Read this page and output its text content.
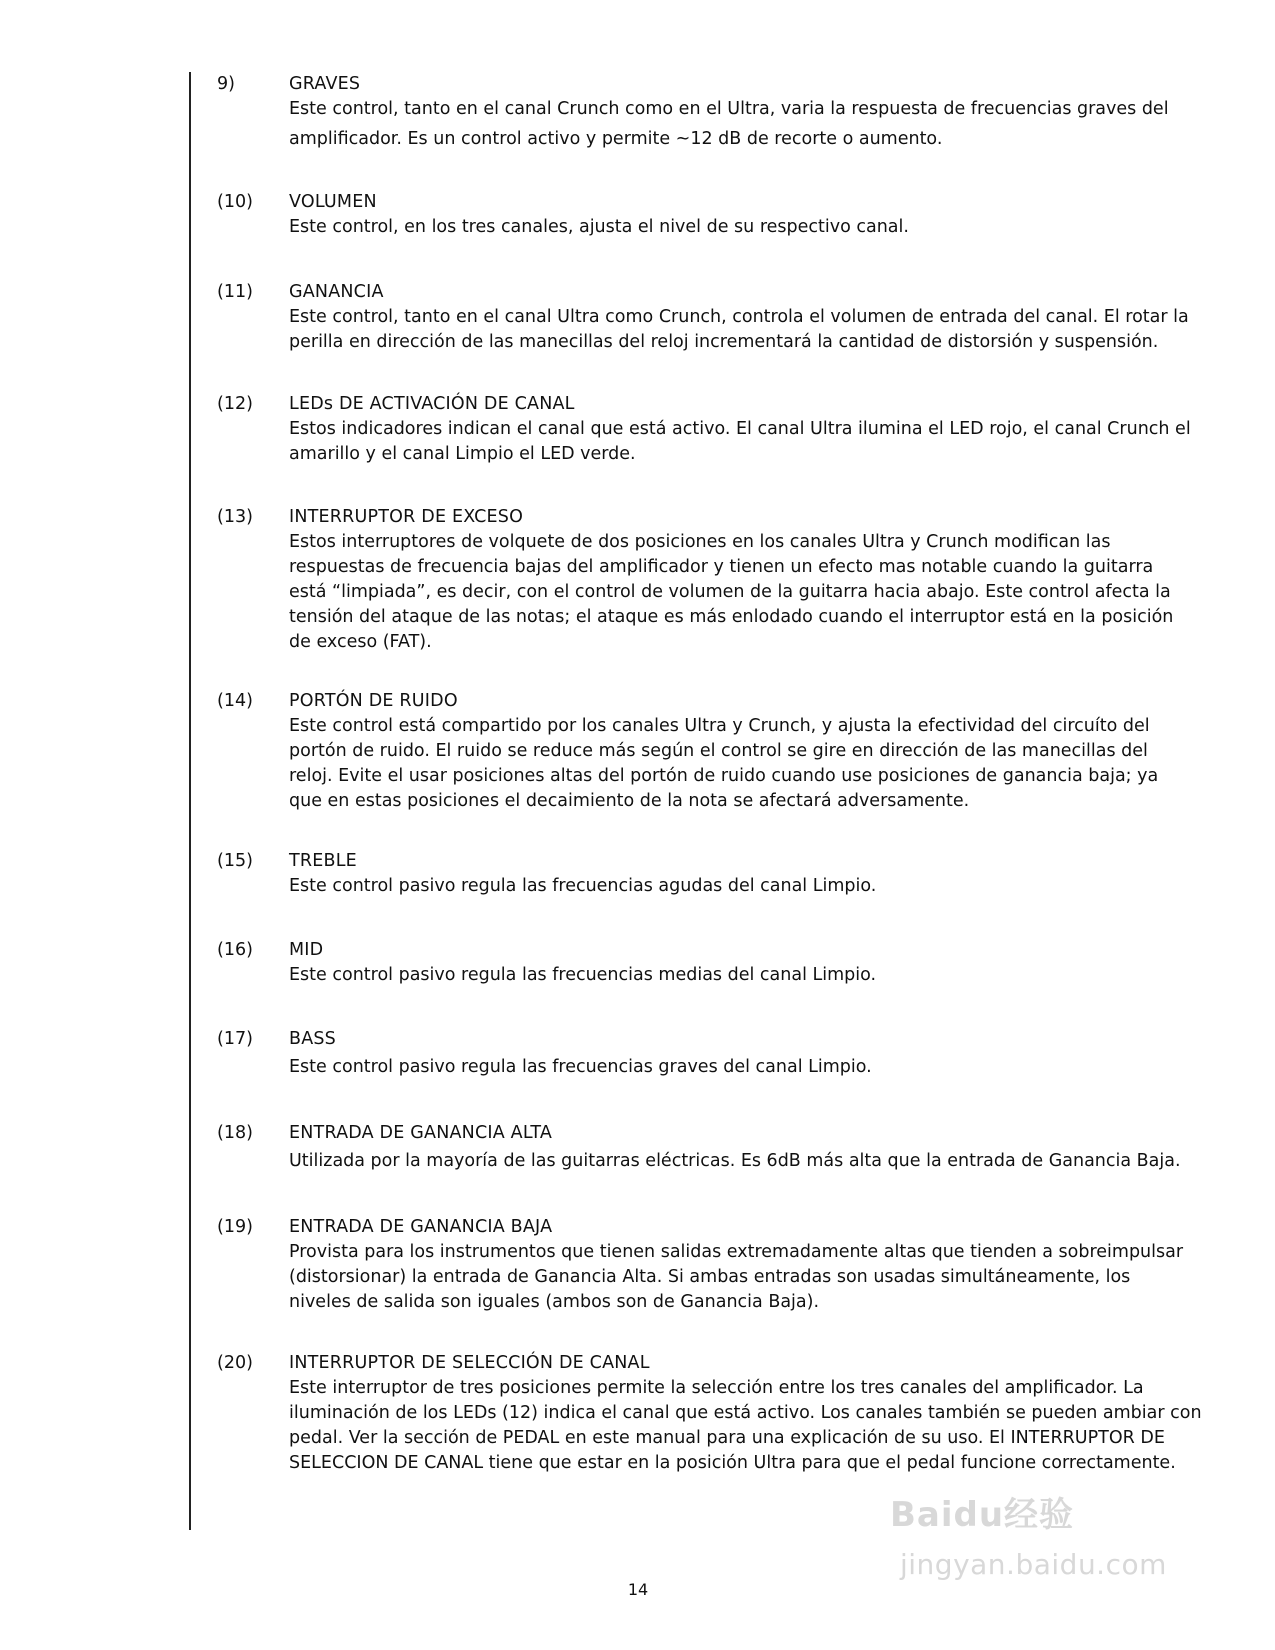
9)	GRAVES
Este control, tanto en el canal Crunch como en el Ultra, varia la respuesta de frecuencias graves del
amplificador. Es un control activo y permite ~12 dB de recorte o aumento.
(10)	VOLUMEN
Este control, en los tres canales, ajusta el nivel de su respectivo canal.
(11)	GANANCIA
Este control, tanto en el canal Ultra como Crunch, controla el volumen de entrada del canal. El rotar la
perilla en dirección de las manecillas del reloj incrementará la cantidad de distorsión y suspensión.
(12)	LEDs DE ACTIVACIÓN DE CANAL
Estos indicadores indican el canal que está activo. El canal Ultra ilumina el LED rojo, el canal Crunch el
amarillo y el canal Limpio el LED verde.
(13)	INTERRUPTOR DE EXCESO
Estos interruptores de volquete de dos posiciones en los canales Ultra y Crunch modifican las
respuestas de frecuencia bajas del amplificador y tienen un efecto mas notable cuando la guitarra
está “limpiada”, es decir, con el control de volumen de la guitarra hacia abajo. Este control afecta la
tensión del ataque de las notas; el ataque es más enlodado cuando el interruptor está en la posición
de exceso (FAT).
(14)	PORTÓN DE RUIDO
Este control está compartido por los canales Ultra y Crunch, y ajusta la efectividad del circuíto del
portón de ruido. El ruido se reduce más según el control se gire en dirección de las manecillas del
reloj. Evite el usar posiciones altas del portón de ruido cuando use posiciones de ganancia baja; ya
que en estas posiciones el decaimiento de la nota se afectará adversamente.
(15)	TREBLE
Este control pasivo regula las frecuencias agudas del canal Limpio.
(16)	MID
Este control pasivo regula las frecuencias medias del canal Limpio.
(17)	BASS
Este control pasivo regula las frecuencias graves del canal Limpio.
(18)	ENTRADA DE GANANCIA ALTA
Utilizada por la mayoría de las guitarras eléctricas. Es 6dB más alta que la entrada de Ganancia Baja.
(19)	ENTRADA DE GANANCIA BAJA
Provista para los instrumentos que tienen salidas extremadamente altas que tienden a sobreimpulsar
(distorsionar) la entrada de Ganancia Alta. Si ambas entradas son usadas simultáneamente, los
niveles de salida son iguales (ambos son de Ganancia Baja).
(20)	INTERRUPTOR DE SELECCIÓN DE CANAL
Este interruptor de tres posiciones permite la selección entre los tres canales del amplificador. La
iluminación de los LEDs (12) indica el canal que está activo. Los canales también se pueden ambiar con
pedal. Ver la sección de PEDAL en este manual para una explicación de su uso. El INTERRUPTOR DE
SELECCION DE CANAL tiene que estar en la posición Ultra para que el pedal funcione correctamente.
14
Baidu经验
jingyan.baidu.com
